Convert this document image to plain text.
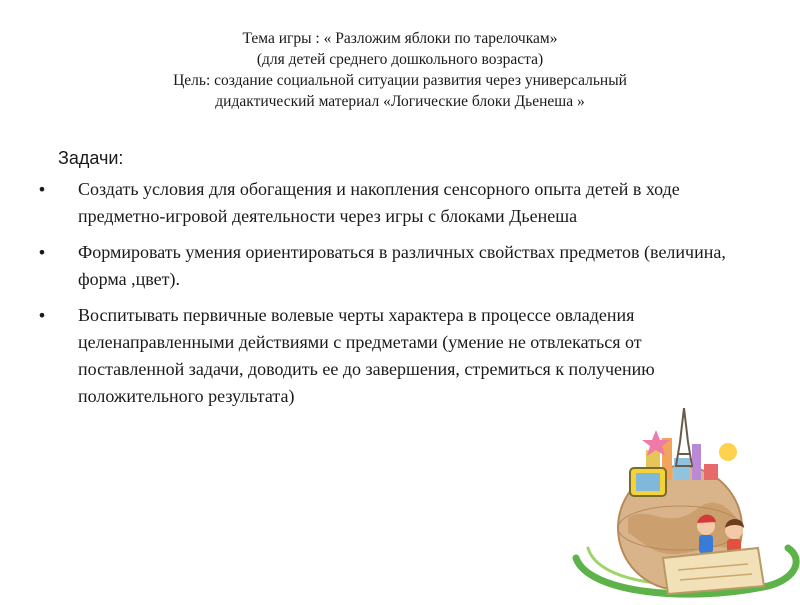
Тема игры : « Разложим яблоки по тарелочкам»
(для детей среднего дошкольного возраста)
Цель: создание социальной ситуации развития через универсальный
дидактический материал «Логические блоки Дьенеша »
Задачи:
• Создать условия для обогащения и накопления сенсорного опыта детей в ходе предметно-игровой деятельности через игры с блоками Дьенеша
• Формировать умения ориентироваться в различных свойствах предметов (величина, форма ,цвет).
• Воспитывать первичные волевые черты характера в процессе овладения целенаправленными действиями с предметами (умение не отвлекаться от поставленной задачи, доводить ее до завершения, стремиться к получению положительного результата)
